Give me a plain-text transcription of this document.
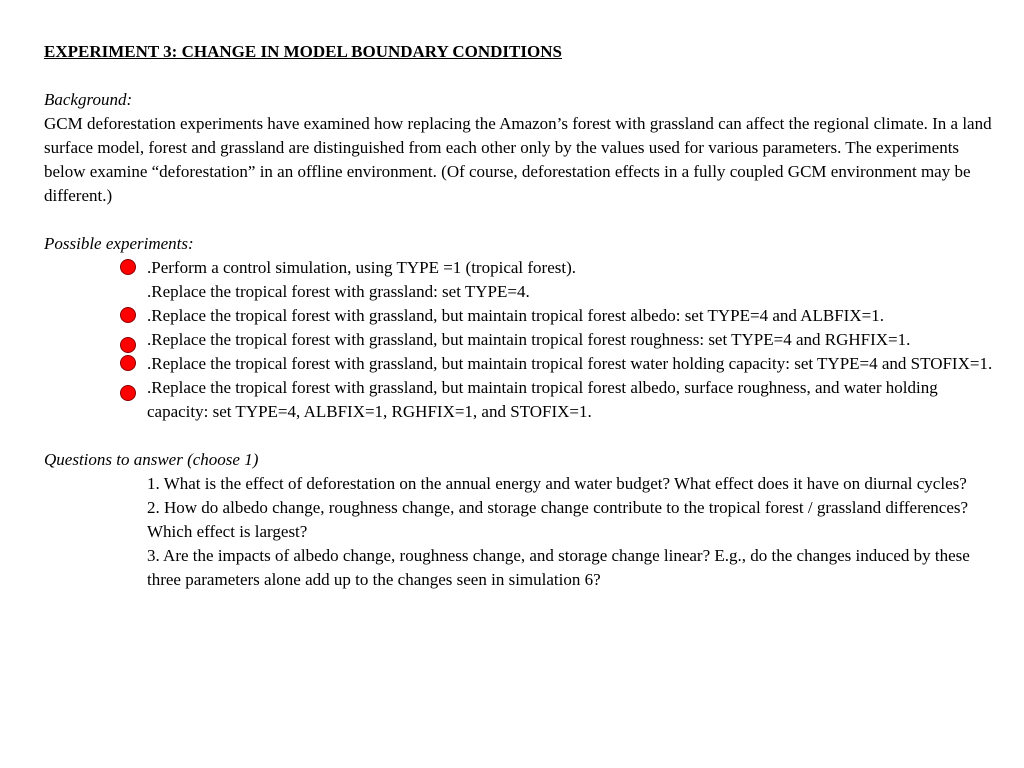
EXPERIMENT 3: CHANGE IN MODEL BOUNDARY CONDITIONS

Background:

GCM deforestation experiments have examined how replacing the Amazon’s forest with grassland can affect the regional climate. In a land surface model, forest and grassland are distinguished from each other only by the values used for various parameters. The experiments below examine “deforestation” in an offline environment. (Of course, deforestation effects in a fully coupled GCM environment may be different.)

Possible experiments:

.Perform a control simulation, using TYPE =1 (tropical forest).
.Replace the tropical forest with grassland: set TYPE=4.
.Replace the tropical forest with grassland, but maintain tropical forest albedo: set TYPE=4 and ALBFIX=1.
.Replace the tropical forest with grassland, but maintain tropical forest roughness: set TYPE=4 and RGHFIX=1.
.Replace the tropical forest with grassland, but maintain tropical forest water holding capacity: set TYPE=4 and STOFIX=1.
.Replace the tropical forest with grassland, but maintain tropical forest albedo, surface roughness, and water holding capacity: set TYPE=4, ALBFIX=1, RGHFIX=1, and STOFIX=1.

Questions to answer (choose 1)

1. What is the effect of deforestation on the annual energy and water budget? What effect does it have on diurnal cycles?
2. How do albedo change, roughness change, and storage change contribute to the tropical forest / grassland differences? Which effect is largest?
3. Are the impacts of albedo change, roughness change, and storage change linear? E.g., do the changes induced by these three parameters alone add up to the changes seen in simulation 6?
